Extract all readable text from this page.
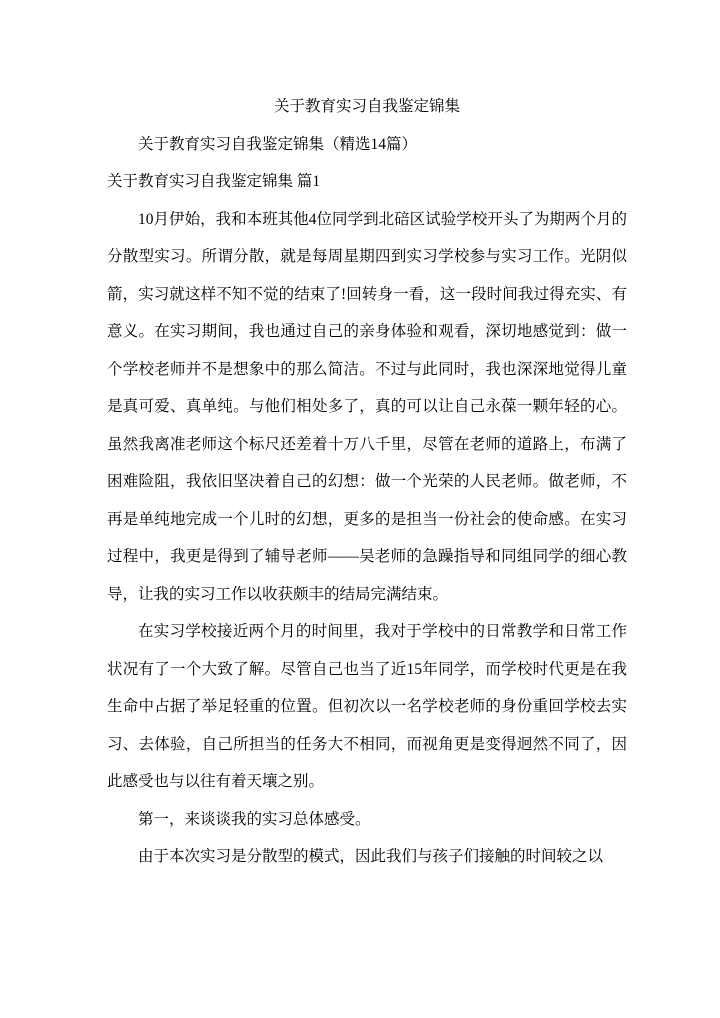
关于教育实习自我鉴定锦集

关于教育实习自我鉴定锦集（精选14篇）

关于教育实习自我鉴定锦集 篇1

10月伊始，我和本班其他4位同学到北碚区试验学校开头了为期两个月的分散型实习。所谓分散，就是每周星期四到实习学校参与实习工作。光阴似箭，实习就这样不知不觉的结束了!回转身一看，这一段时间我过得充实、有意义。在实习期间，我也通过自己的亲身体验和观看，深切地感觉到：做一个学校老师并不是想象中的那么简洁。不过与此同时，我也深深地觉得儿童是真可爱、真单纯。与他们相处多了，真的可以让自己永葆一颗年轻的心。虽然我离准老师这个标尺还差着十万八千里，尽管在老师的道路上，布满了困难险阻，我依旧坚决着自己的幻想：做一个光荣的人民老师。做老师，不再是单纯地完成一个儿时的幻想，更多的是担当一份社会的使命感。在实习过程中，我更是得到了辅导老师——吴老师的急躁指导和同组同学的细心教导，让我的实习工作以收获颇丰的结局完满结束。

在实习学校接近两个月的时间里，我对于学校中的日常教学和日常工作状况有了一个大致了解。尽管自己也当了近15年同学，而学校时代更是在我生命中占据了举足轻重的位置。但初次以一名学校老师的身份重回学校去实习、去体验，自己所担当的任务大不相同，而视角更是变得迥然不同了，因此感受也与以往有着天壤之别。

第一，来谈谈我的实习总体感受。

由于本次实习是分散型的模式，因此我们与孩子们接触的时间较之以
